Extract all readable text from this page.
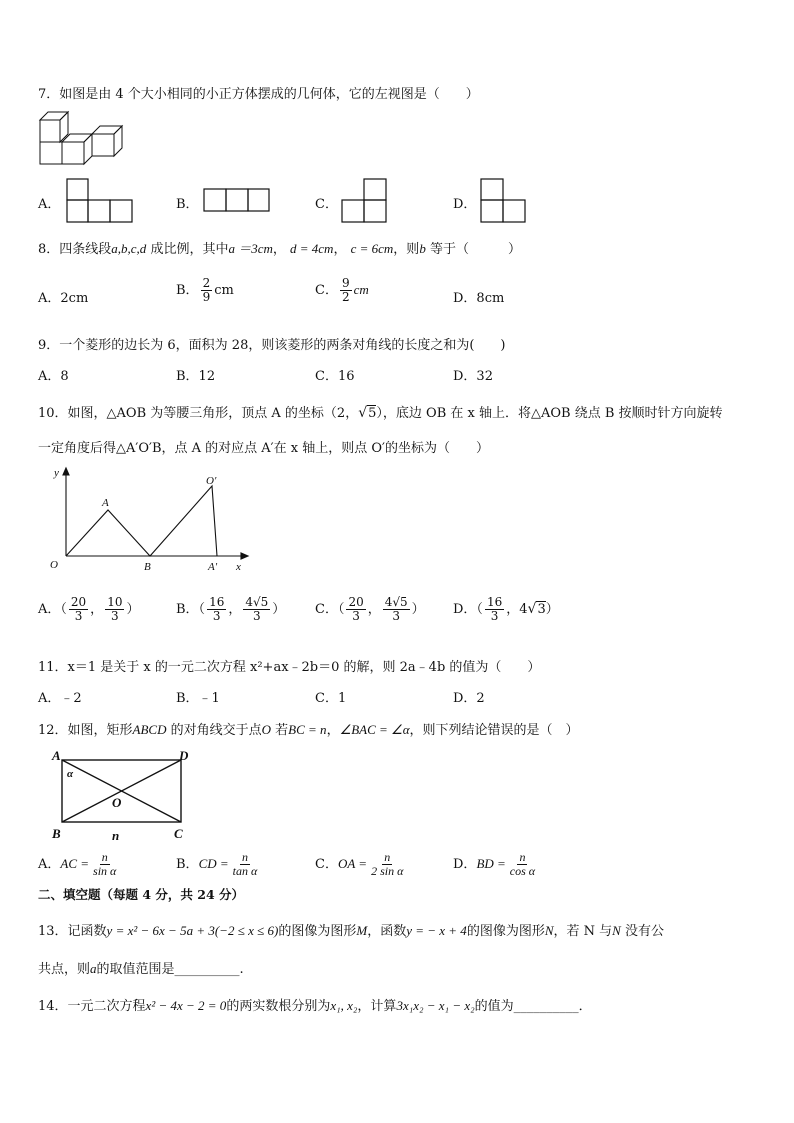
7．如图是由 4 个大小相同的小正方体摆成的几何体，它的左视图是（　　）
A．	B．	C．	D．
8．四条线段a,b,c,d 成比例，其中a ＝3cm， d = 4cm， c = 6cm，则b 等于（　　　）
A．2cm
B． $\frac{2}{9}$ cm	C． $\frac{9}{2}$ cm
D．8cm
9．一个菱形的边长为 6，面积为 28，则该菱形的两条对角线的长度之和为(　　)
A．8	B．12	C．16	D．32
10．如图，△AOB 为等腰三角形，顶点 A 的坐标（2，√5），底边 OB 在 x 轴上．将△AOB 绕点 B 按顺时针方向旋转
一定角度后得△A′O′B，点 A 的对应点 A′在 x 轴上，则点 O′的坐标为（　　）
y
x
O
A
B
O′
A′
A．（ $\frac{20}{3}$ ， $\frac{10}{3}$ ）	B．（ $\frac{16}{3}$ ， $\frac{4√5}{3}$ ） C．（ $\frac{20}{3}$ ， $\frac{4√5}{3}$ ） D．（ $\frac{16}{3}$ ，4√3）
11．x＝1 是关于 x 的一元二次方程 x²+ax﹣2b＝0 的解，则 2a﹣4b 的值为（　　）
A．﹣2	B．﹣1	C．1	D．2
12．如图，矩形ABCD 的对角线交于点O 若BC = n，∠BAC = ∠α，则下列结论错误的是（　）
A	D
B	C
O
n
α
A．AC = $\frac{n}{\text{sin α}}$	B．CD = $\frac{n}{\text{tan α}}$	C．OA = $\frac{n}{\text{2 sin α}}$	D．BD = $\frac{n}{\text{cos α}}$
二、填空题（每题 4 分，共 24 分）
13．记函数y = x² − 6x − 5a + 3(−2 ≤ x ≤ 6)的图像为图形M，函数y = − x + 4的图像为图形N，若 N 与N 没有公
共点，则a的取值范围是__________.
14．一元二次方程x² − 4x − 2 = 0的两实数根分别为x₁, x₂，计算3x₁x₂ − x₁ − x₂的值为__________．
